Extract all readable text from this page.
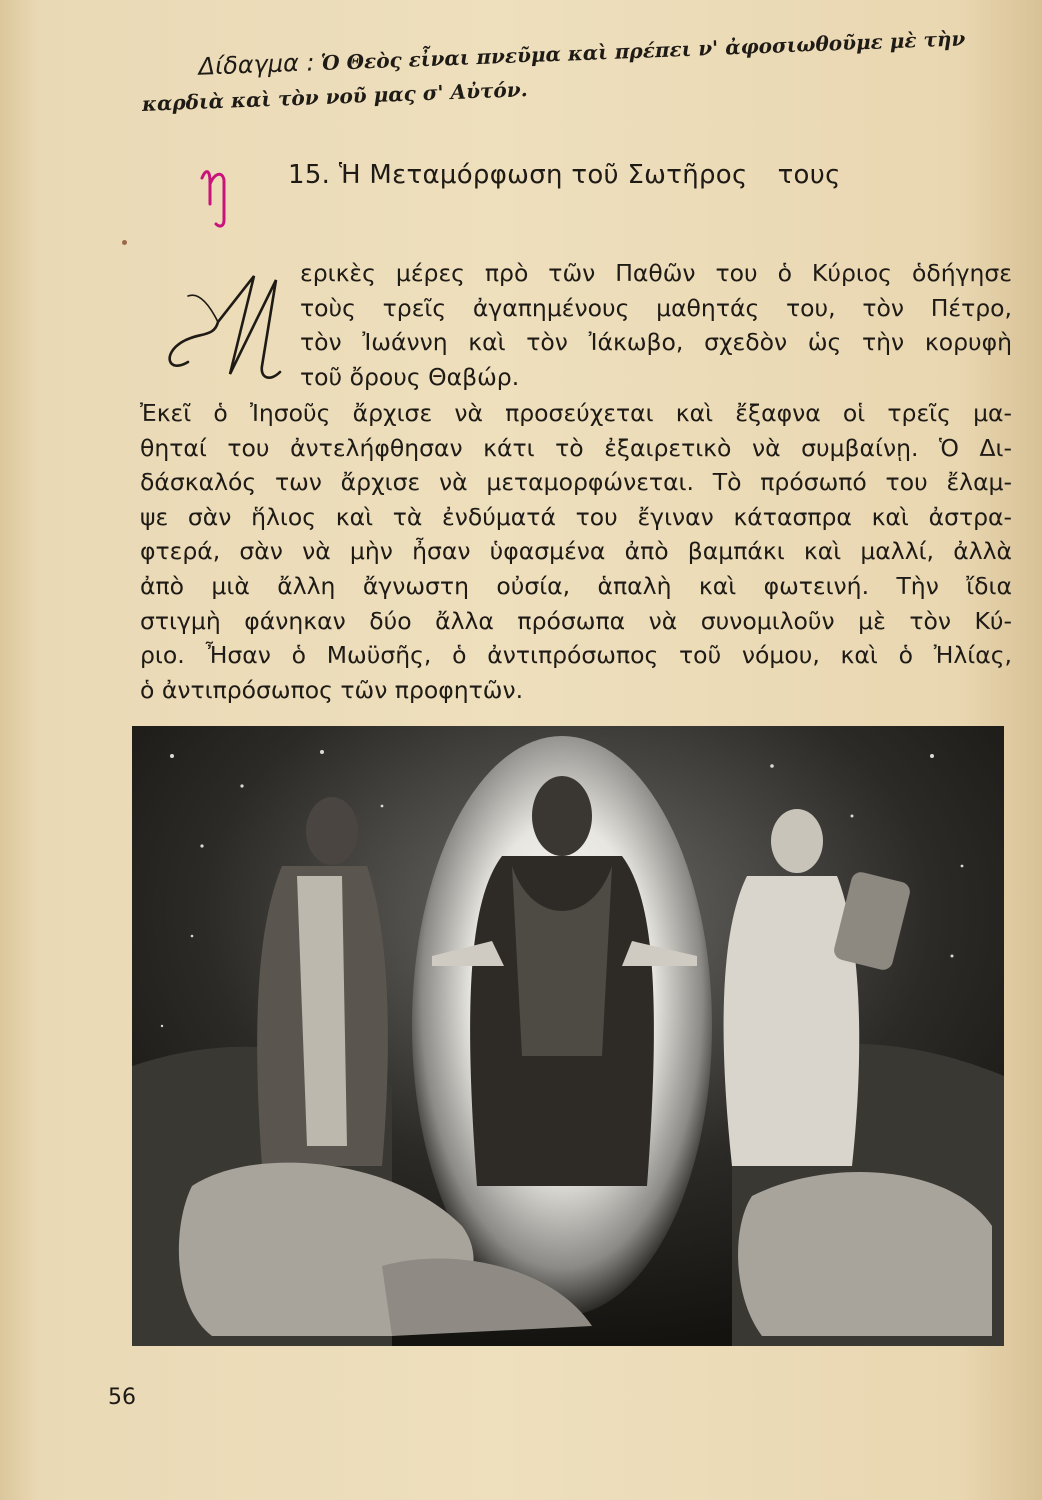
Δίδαγμα : Ὁ Θεὸς εἶναι πνεῦμα καὶ πρέπει ν' ἀφοσιωθοῦμε μὲ τὴν
καρδιὰ καὶ τὸν νοῦ μας σ' Αὐτόν.
15. Ἡ Μεταμόρφωση τοῦ Σωτῆρος τους
ερικὲς μέρες πρὸ τῶν Παθῶν του ὁ Κύριος ὁδήγησε
τοὺς τρεῖς ἀγαπημένους μαθητάς του, τὸν Πέτρο,
τὸν Ἰωάννη καὶ τὸν Ἰάκωβο, σχεδὸν ὡς τὴν κορυφὴ
τοῦ ὄρους Θαβώρ.
Ἐκεῖ ὁ Ἰησοῦς ἄρχισε νὰ προσεύχεται καὶ ἔξαφνα οἱ τρεῖς μα-
θηταί του ἀντελήφθησαν κάτι τὸ ἐξαιρετικὸ νὰ συμβαίνῃ. Ὁ Δι-
δάσκαλός των ἄρχισε νὰ μεταμορφώνεται. Τὸ πρόσωπό του ἔλαμ-
ψε σὰν ἥλιος καὶ τὰ ἐνδύματά του ἔγιναν κάτασπρα καὶ ἀστρα-
φτερά, σὰν νὰ μὴν ἦσαν ὑφασμένα ἀπὸ βαμπάκι καὶ μαλλί, ἀλλὰ
ἀπὸ μιὰ ἄλλη ἄγνωστη οὐσία, ἁπαλὴ καὶ φωτεινή. Τὴν ἴδια
στιγμὴ φάνηκαν δύο ἄλλα πρόσωπα νὰ συνομιλοῦν μὲ τὸν Κύ-
ριο. Ἦσαν ὁ Μωϋσῆς, ὁ ἀντιπρόσωπος τοῦ νόμου, καὶ ὁ Ἠλίας,
ὁ ἀντιπρόσωπος τῶν προφητῶν.
56
